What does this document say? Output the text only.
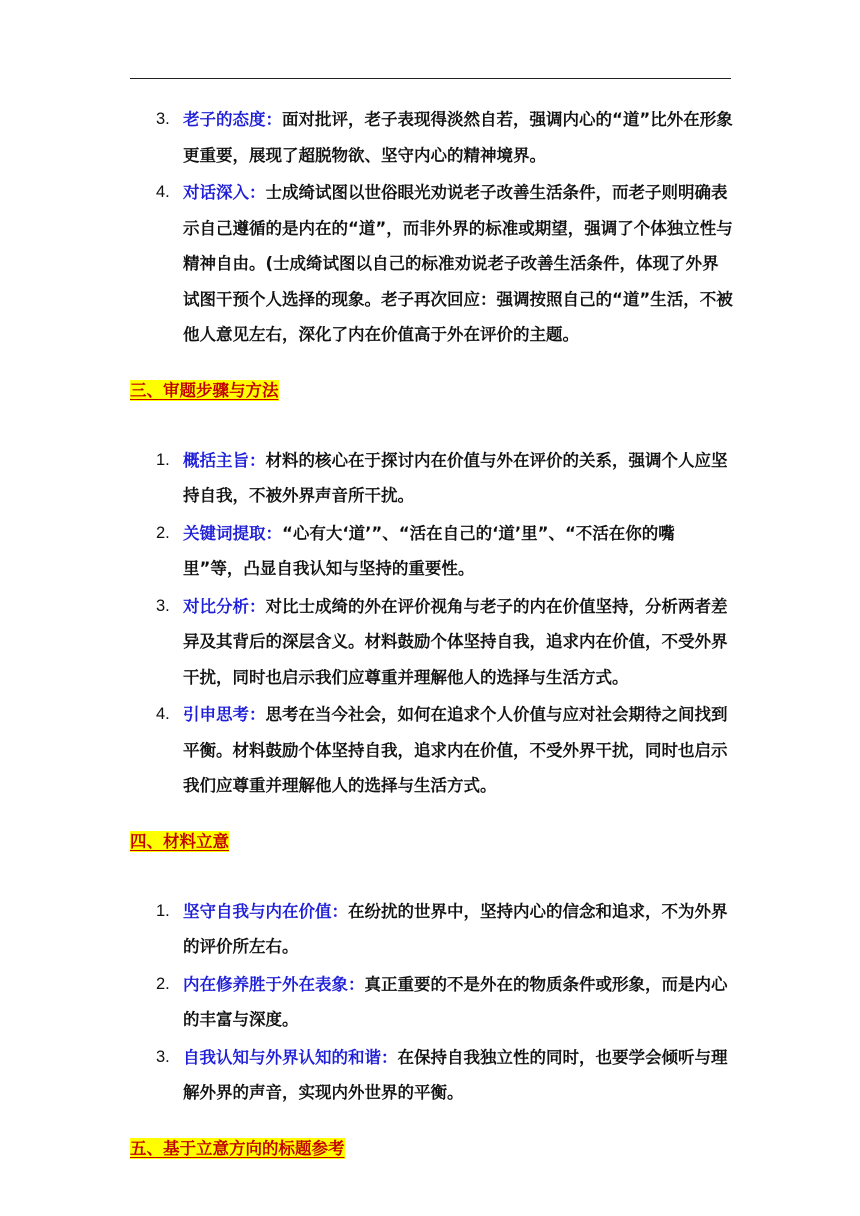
3. 老子的态度：面对批评，老子表现得淡然自若，强调内心的“道”比外在形象更重要，展现了超脱物欲、坚守内心的精神境界。
4. 对话深入：士成绮试图以世俗眼光劝说老子改善生活条件，而老子则明确表示自己遵循的是内在的“道”，而非外界的标准或期望，强调了个体独立性与精神自由。(士成绮试图以自己的标准劝说老子改善生活条件，体现了外界试图干预个人选择的现象。老子再次回应：强调按照自己的“道”生活，不被他人意见左右，深化了内在价值高于外在评价的主题。
三、审题步骤与方法
1. 概括主旨：材料的核心在于探讨内在价值与外在评价的关系，强调个人应坚持自我，不被外界声音所干扰。
2. 关键词提取：“心有大‘道’”、“活在自己的‘道’里”、“不活在你的嘴里”等，凸显自我认知与坚持的重要性。
3. 对比分析：对比士成绮的外在评价视角与老子的内在价值坚持，分析两者差异及其背后的深层含义。材料鼓励个体坚持自我，追求内在价值，不受外界干扰，同时也启示我们应尊重并理解他人的选择与生活方式。
4. 引申思考：思考在当今社会，如何在追求个人价值与应对社会期待之间找到平衡。材料鼓励个体坚持自我，追求内在价值，不受外界干扰，同时也启示我们应尊重并理解他人的选择与生活方式。
四、材料立意
1. 坚守自我与内在价值：在纷扰的世界中，坚持内心的信念和追求，不为外界的评价所左右。
2. 内在修养胜于外在表象：真正重要的不是外在的物质条件或形象，而是内心的丰富与深度。
3. 自我认知与外界认知的和谐：在保持自我独立性的同时，也要学会倾听与理解外界的声音，实现内外世界的平衡。
五、基于立意方向的标题参考
